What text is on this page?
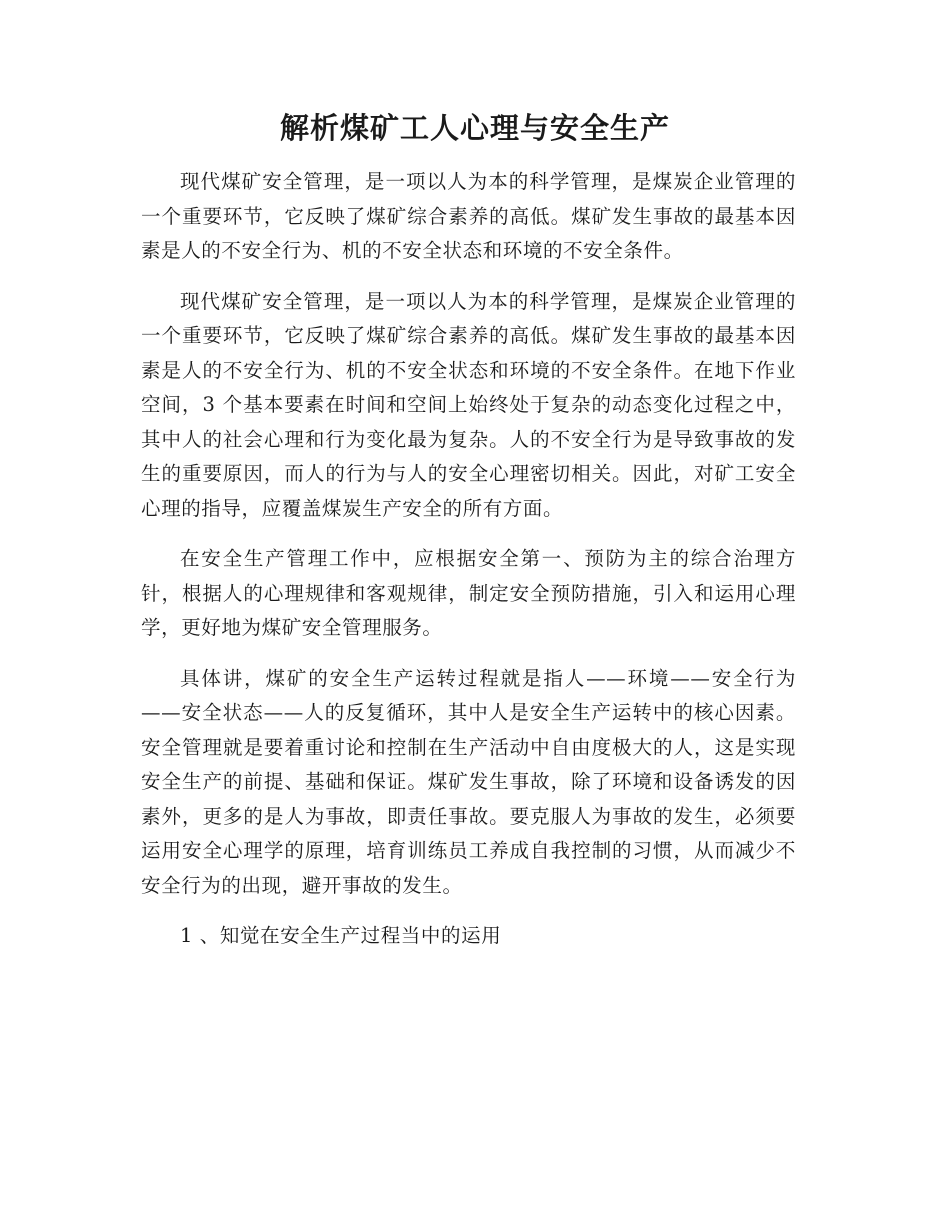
解析煤矿工人心理与安全生产

现代煤矿安全管理，是一项以人为本的科学管理，是煤炭企业管理的一个重要环节，它反映了煤矿综合素养的高低。煤矿发生事故的最基本因素是人的不安全行为、机的不安全状态和环境的不安全条件。

现代煤矿安全管理，是一项以人为本的科学管理，是煤炭企业管理的一个重要环节，它反映了煤矿综合素养的高低。煤矿发生事故的最基本因素是人的不安全行为、机的不安全状态和环境的不安全条件。在地下作业空间，3 个基本要素在时间和空间上始终处于复杂的动态变化过程之中，其中人的社会心理和行为变化最为复杂。人的不安全行为是导致事故的发生的重要原因，而人的行为与人的安全心理密切相关。因此，对矿工安全心理的指导，应覆盖煤炭生产安全的所有方面。

在安全生产管理工作中，应根据安全第一、预防为主的综合治理方针，根据人的心理规律和客观规律，制定安全预防措施，引入和运用心理学，更好地为煤矿安全管理服务。

具体讲，煤矿的安全生产运转过程就是指人——环境——安全行为——安全状态——人的反复循环，其中人是安全生产运转中的核心因素。安全管理就是要着重讨论和控制在生产活动中自由度极大的人，这是实现安全生产的前提、基础和保证。煤矿发生事故，除了环境和设备诱发的因素外，更多的是人为事故，即责任事故。要克服人为事故的发生，必须要运用安全心理学的原理，培育训练员工养成自我控制的习惯，从而减少不安全行为的出现，避开事故的发生。

1 、知觉在安全生产过程当中的运用
